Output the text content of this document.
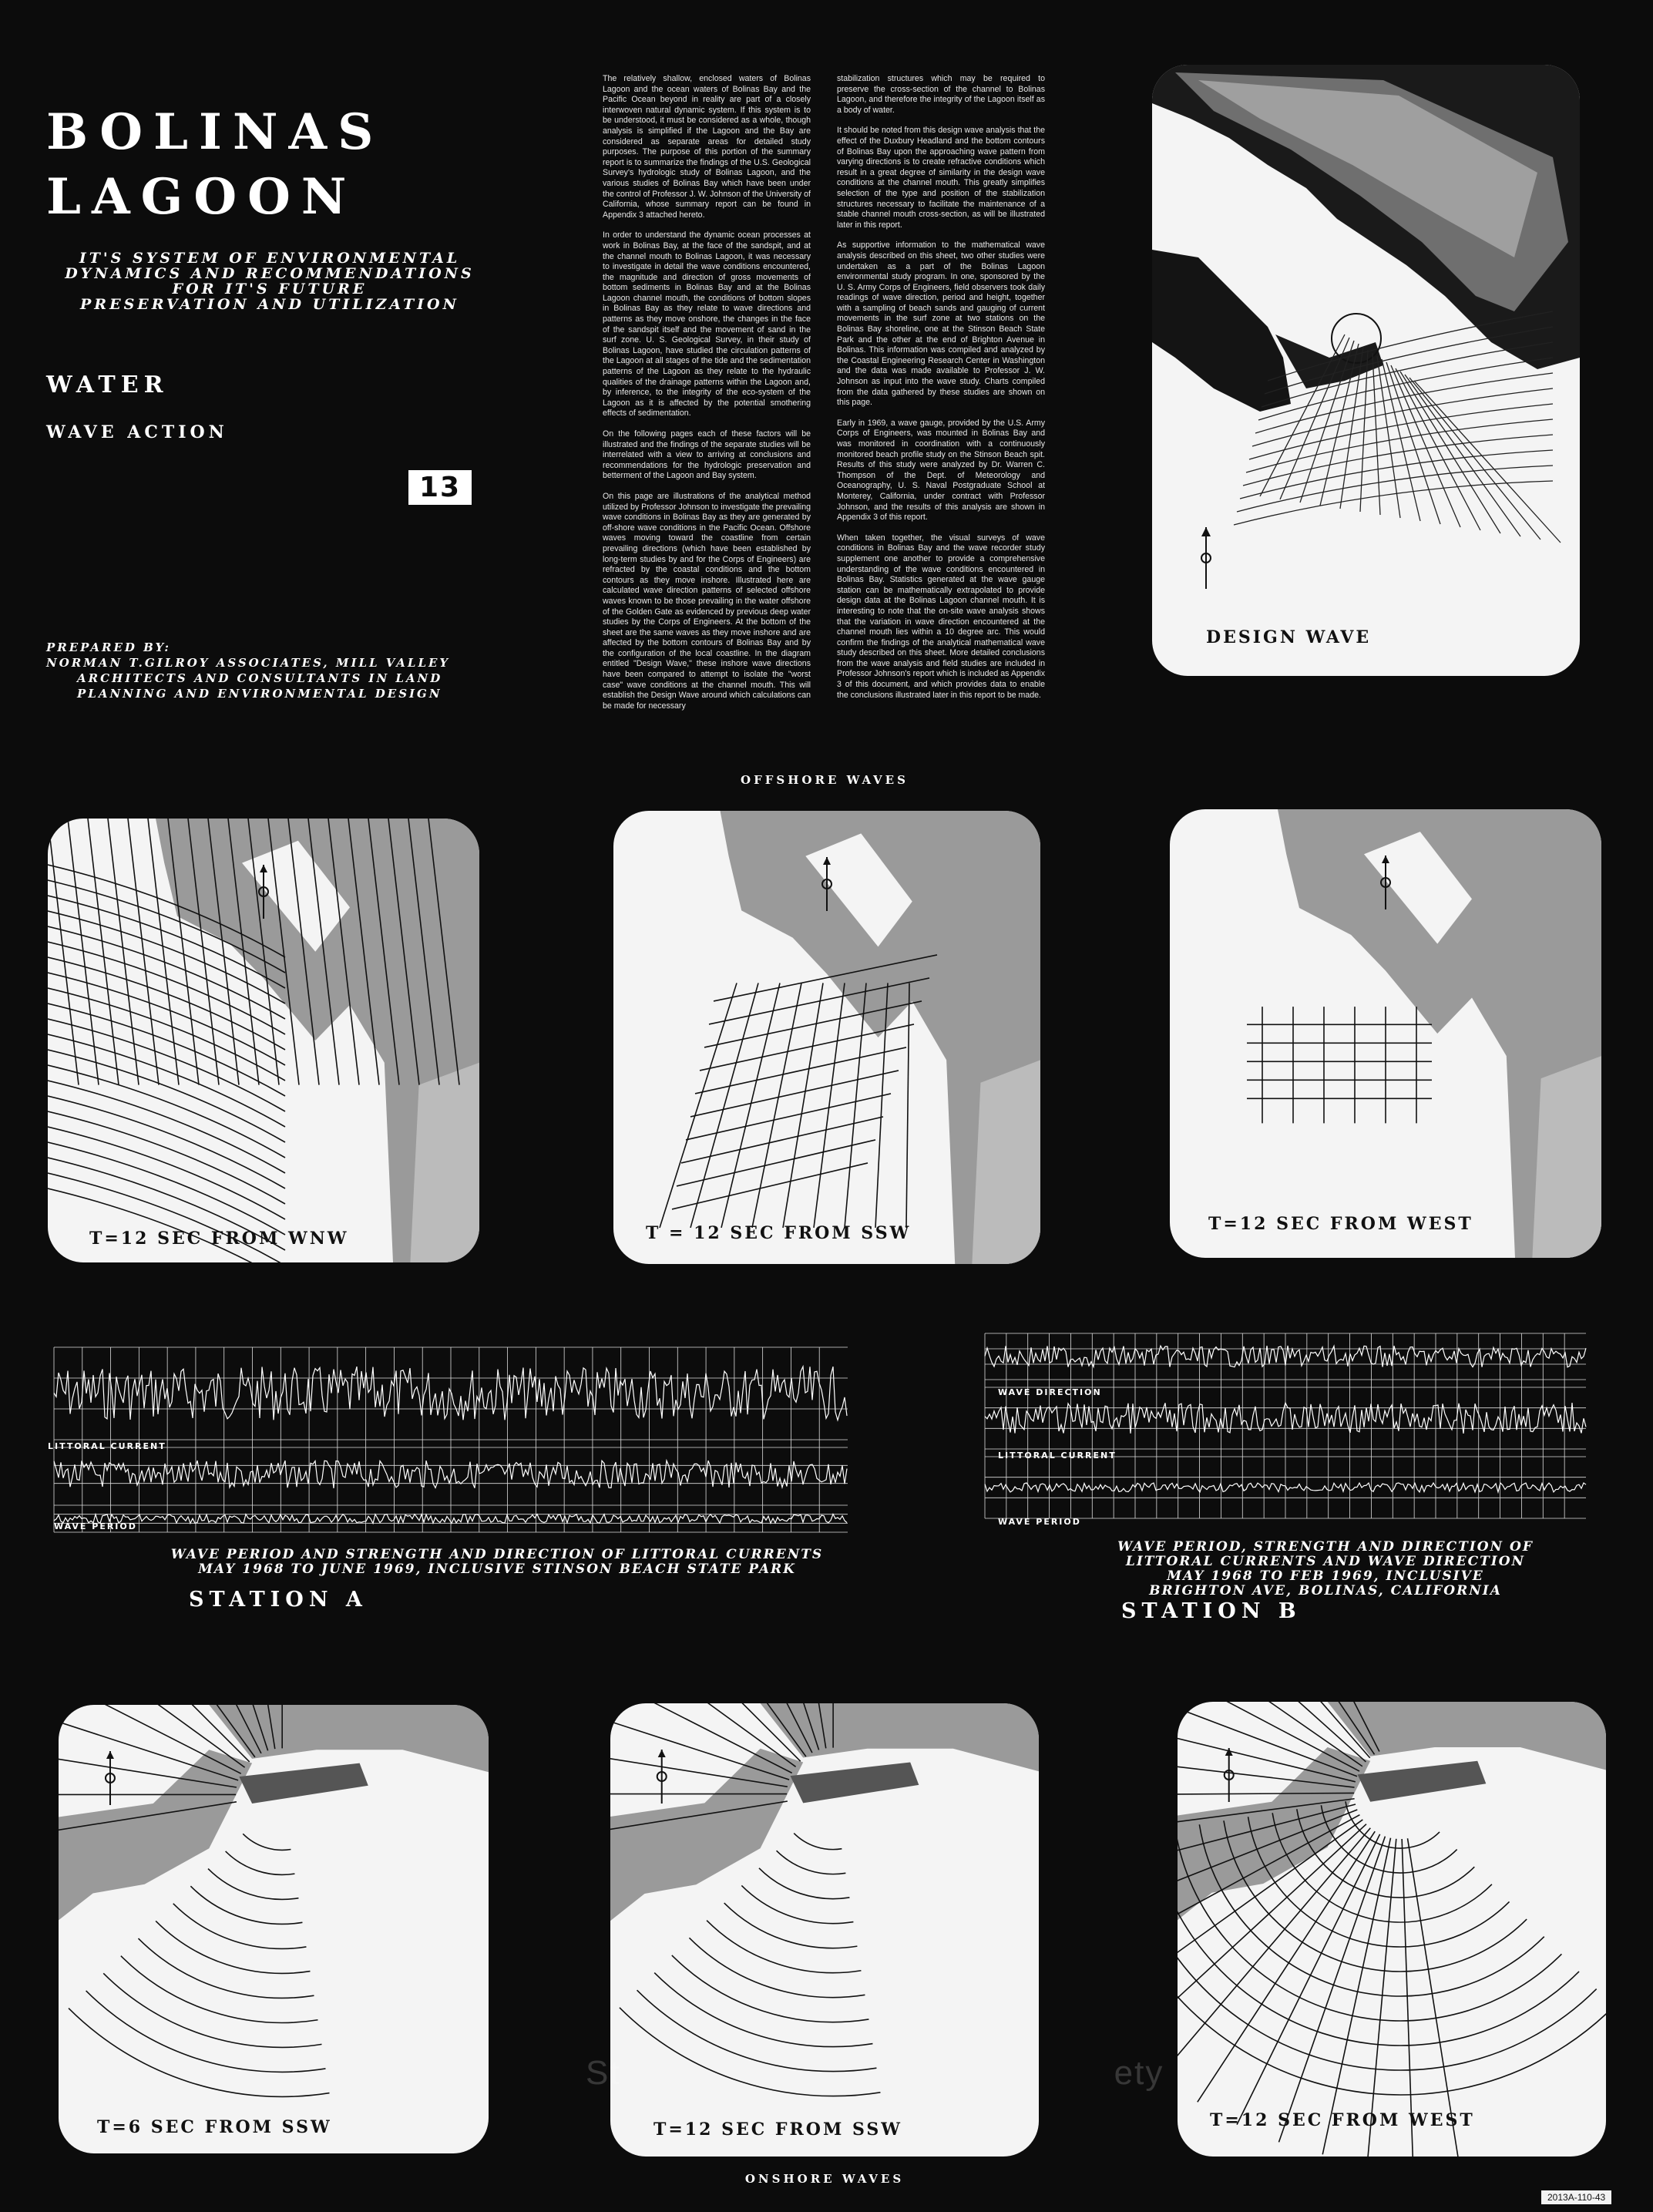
BOLINAS
LAGOON
IT'S SYSTEM OF ENVIRONMENTAL
DYNAMICS AND RECOMMENDATIONS
FOR IT'S FUTURE
PRESERVATION AND UTILIZATION
WATER
WAVE ACTION
13
PREPARED BY:
NORMAN T.GILROY ASSOCIATES, MILL VALLEY
ARCHITECTS AND CONSULTANTS IN LAND
PLANNING AND ENVIRONMENTAL DESIGN

The relatively shallow, enclosed waters of Bolinas Lagoon and the ocean waters of Bolinas Bay and the Pacific Ocean beyond in reality are part of a closely interwoven natural dynamic system. If this system is to be understood, it must be considered as a whole, though analysis is simplified if the Lagoon and the Bay are considered as separate areas for detailed study purposes. The purpose of this portion of the summary report is to summarize the findings of the U.S. Geological Survey's hydrologic study of Bolinas Lagoon, and the various studies of Bolinas Bay which have been under the control of Professor J. W. Johnson of the University of California, whose summary report can be found in Appendix 3 attached hereto.

In order to understand the dynamic ocean processes at work in Bolinas Bay, at the face of the sandspit, and at the channel mouth to Bolinas Lagoon, it was necessary to investigate in detail the wave conditions encountered, the magnitude and direction of gross movements of bottom sediments in Bolinas Bay and at the Bolinas Lagoon channel mouth, the conditions of bottom slopes in Bolinas Bay as they relate to wave directions and patterns as they move onshore, the changes in the face of the sandspit itself and the movement of sand in the surf zone. U. S. Geological Survey, in their study of Bolinas Lagoon, have studied the circulation patterns of the Lagoon at all stages of the tide and the sedimentation patterns of the Lagoon as they relate to the hydraulic qualities of the drainage patterns within the Lagoon and, by inference, to the integrity of the eco-system of the Lagoon as it is affected by the potential smothering effects of sedimentation.

On the following pages each of these factors will be illustrated and the findings of the separate studies will be interrelated with a view to arriving at conclusions and recommendations for the hydrologic preservation and betterment of the Lagoon and Bay system.

On this page are illustrations of the analytical method utilized by Professor Johnson to investigate the prevailing wave conditions in Bolinas Bay as they are generated by off-shore wave conditions in the Pacific Ocean. Offshore waves moving toward the coastline from certain prevailing directions (which have been established by long-term studies by and for the Corps of Engineers) are refracted by the coastal conditions and the bottom contours as they move inshore. Illustrated here are calculated wave direction patterns of selected offshore waves known to be those prevailing in the water offshore of the Golden Gate as evidenced by previous deep water studies by the Corps of Engineers. At the bottom of the sheet are the same waves as they move inshore and are affected by the bottom contours of Bolinas Bay and by the configuration of the local coastline. In the diagram entitled "Design Wave," these inshore wave directions have been compared to attempt to isolate the "worst case" wave conditions at the channel mouth. This will establish the Design Wave around which calculations can be made for necessary

stabilization structures which may be required to preserve the cross-section of the channel to Bolinas Lagoon, and therefore the integrity of the Lagoon itself as a body of water.

It should be noted from this design wave analysis that the effect of the Duxbury Headland and the bottom contours of Bolinas Bay upon the approaching wave pattern from varying directions is to create refractive conditions which result in a great degree of similarity in the design wave conditions at the channel mouth. This greatly simplifies selection of the type and position of the stabilization structures necessary to facilitate the maintenance of a stable channel mouth cross-section, as will be illustrated later in this report.

As supportive information to the mathematical wave analysis described on this sheet, two other studies were undertaken as a part of the Bolinas Lagoon environmental study program. In one, sponsored by the U. S. Army Corps of Engineers, field observers took daily readings of wave direction, period and height, together with a sampling of beach sands and gauging of current movements in the surf zone at two stations on the Bolinas Bay shoreline, one at the Stinson Beach State Park and the other at the end of Brighton Avenue in Bolinas. This information was compiled and analyzed by the Coastal Engineering Research Center in Washington and the data was made available to Professor J. W. Johnson as input into the wave study. Charts compiled from the data gathered by these studies are shown on this page.

Early in 1969, a wave gauge, provided by the U.S. Army Corps of Engineers, was mounted in Bolinas Bay and was monitored in coordination with a continuously monitored beach profile study on the Stinson Beach spit. Results of this study were analyzed by Dr. Warren C. Thompson of the Dept. of Meteorology and Oceanography, U. S. Naval Postgraduate School at Monterey, California, under contract with Professor Johnson, and the results of this analysis are shown in Appendix 3 of this report.

When taken together, the visual surveys of wave conditions in Bolinas Bay and the wave recorder study supplement one another to provide a comprehensive understanding of the wave conditions encountered in Bolinas Bay. Statistics generated at the wave gauge station can be mathematically extrapolated to provide design data at the Bolinas Lagoon channel mouth. It is interesting to note that the on-site wave analysis shows that the variation in wave direction encountered at the channel mouth lies within a 10 degree arc. This would confirm the findings of the analytical mathematical wave study described on this sheet. More detailed conclusions from the wave analysis and field studies are included in Professor Johnson's report which is included as Appendix 3 of this document, and which provides data to enable the conclusions illustrated later in this report to be made.

DESIGN WAVE
OFFSHORE WAVES
T=12 SEC FROM WNW	T = 12 SEC FROM SSW	T=12 SEC FROM WEST
LITTORAL CURRENT
WAVE PERIOD
WAVE PERIOD AND STRENGTH AND DIRECTION OF LITTORAL CURRENTS
MAY 1968 TO JUNE 1969, INCLUSIVE STINSON BEACH STATE PARK
STATION A
WAVE DIRECTION
LITTORAL CURRENT
WAVE PERIOD
WAVE PERIOD, STRENGTH AND DIRECTION OF
LITTORAL CURRENTS AND WAVE DIRECTION
MAY 1968 TO FEB 1969, INCLUSIVE
BRIGHTON AVE, BOLINAS, CALIFORNIA
STATION B
T=6 SEC FROM SSW	T=12 SEC FROM SSW	T=12 SEC FROM WEST
ONSHORE WAVES
St                                             ety
2013A-110-43
